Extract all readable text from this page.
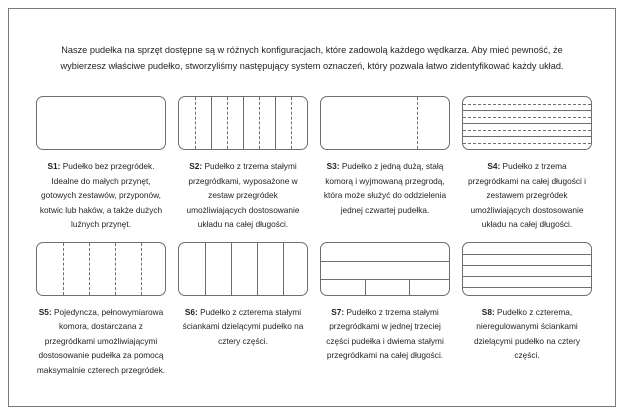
Nasze pudełka na sprzęt dostępne są w różnych konfiguracjach, które zadowolą każdego wędkarza. Aby mieć pewność, że wybierzesz właściwe pudełko, stworzyliśmy następujący system oznaczeń, który pozwala łatwo zidentyfikować każdy układ.

S1: Pudełko bez przegródek. Idealne do małych przynęt, gotowych zestawów, przyponów, kotwic lub haków, a także dużych luźnych przynęt.
S2: Pudełko z trzema stałymi przegródkami, wyposażone w zestaw przegródek umożliwiających dostosowanie układu na całej długości.
S3: Pudełko z jedną dużą, stałą komorą i wyjmowaną przegrodą, która może służyć do oddzielenia jednej czwartej pudełka.
S4: Pudełko z trzema przegródkami na całej długości i zestawem przegródek umożliwiających dostosowanie układu na całej długości.
S5: Pojedyncza, pełnowymiarowa komora, dostarczana z przegródkami umożliwiającymi dostosowanie pudełka za pomocą maksymalnie czterech przegródek.
S6: Pudełko z czterema stałymi ściankami dzielącymi pudełko na cztery części.
S7: Pudełko z trzema stałymi przegródkami w jednej trzeciej części pudełka i dwiema stałymi przegródkami na całej długości.
S8: Pudełko z czterema, nieregulowanymi ściankami dzielącymi pudełko na cztery części.
